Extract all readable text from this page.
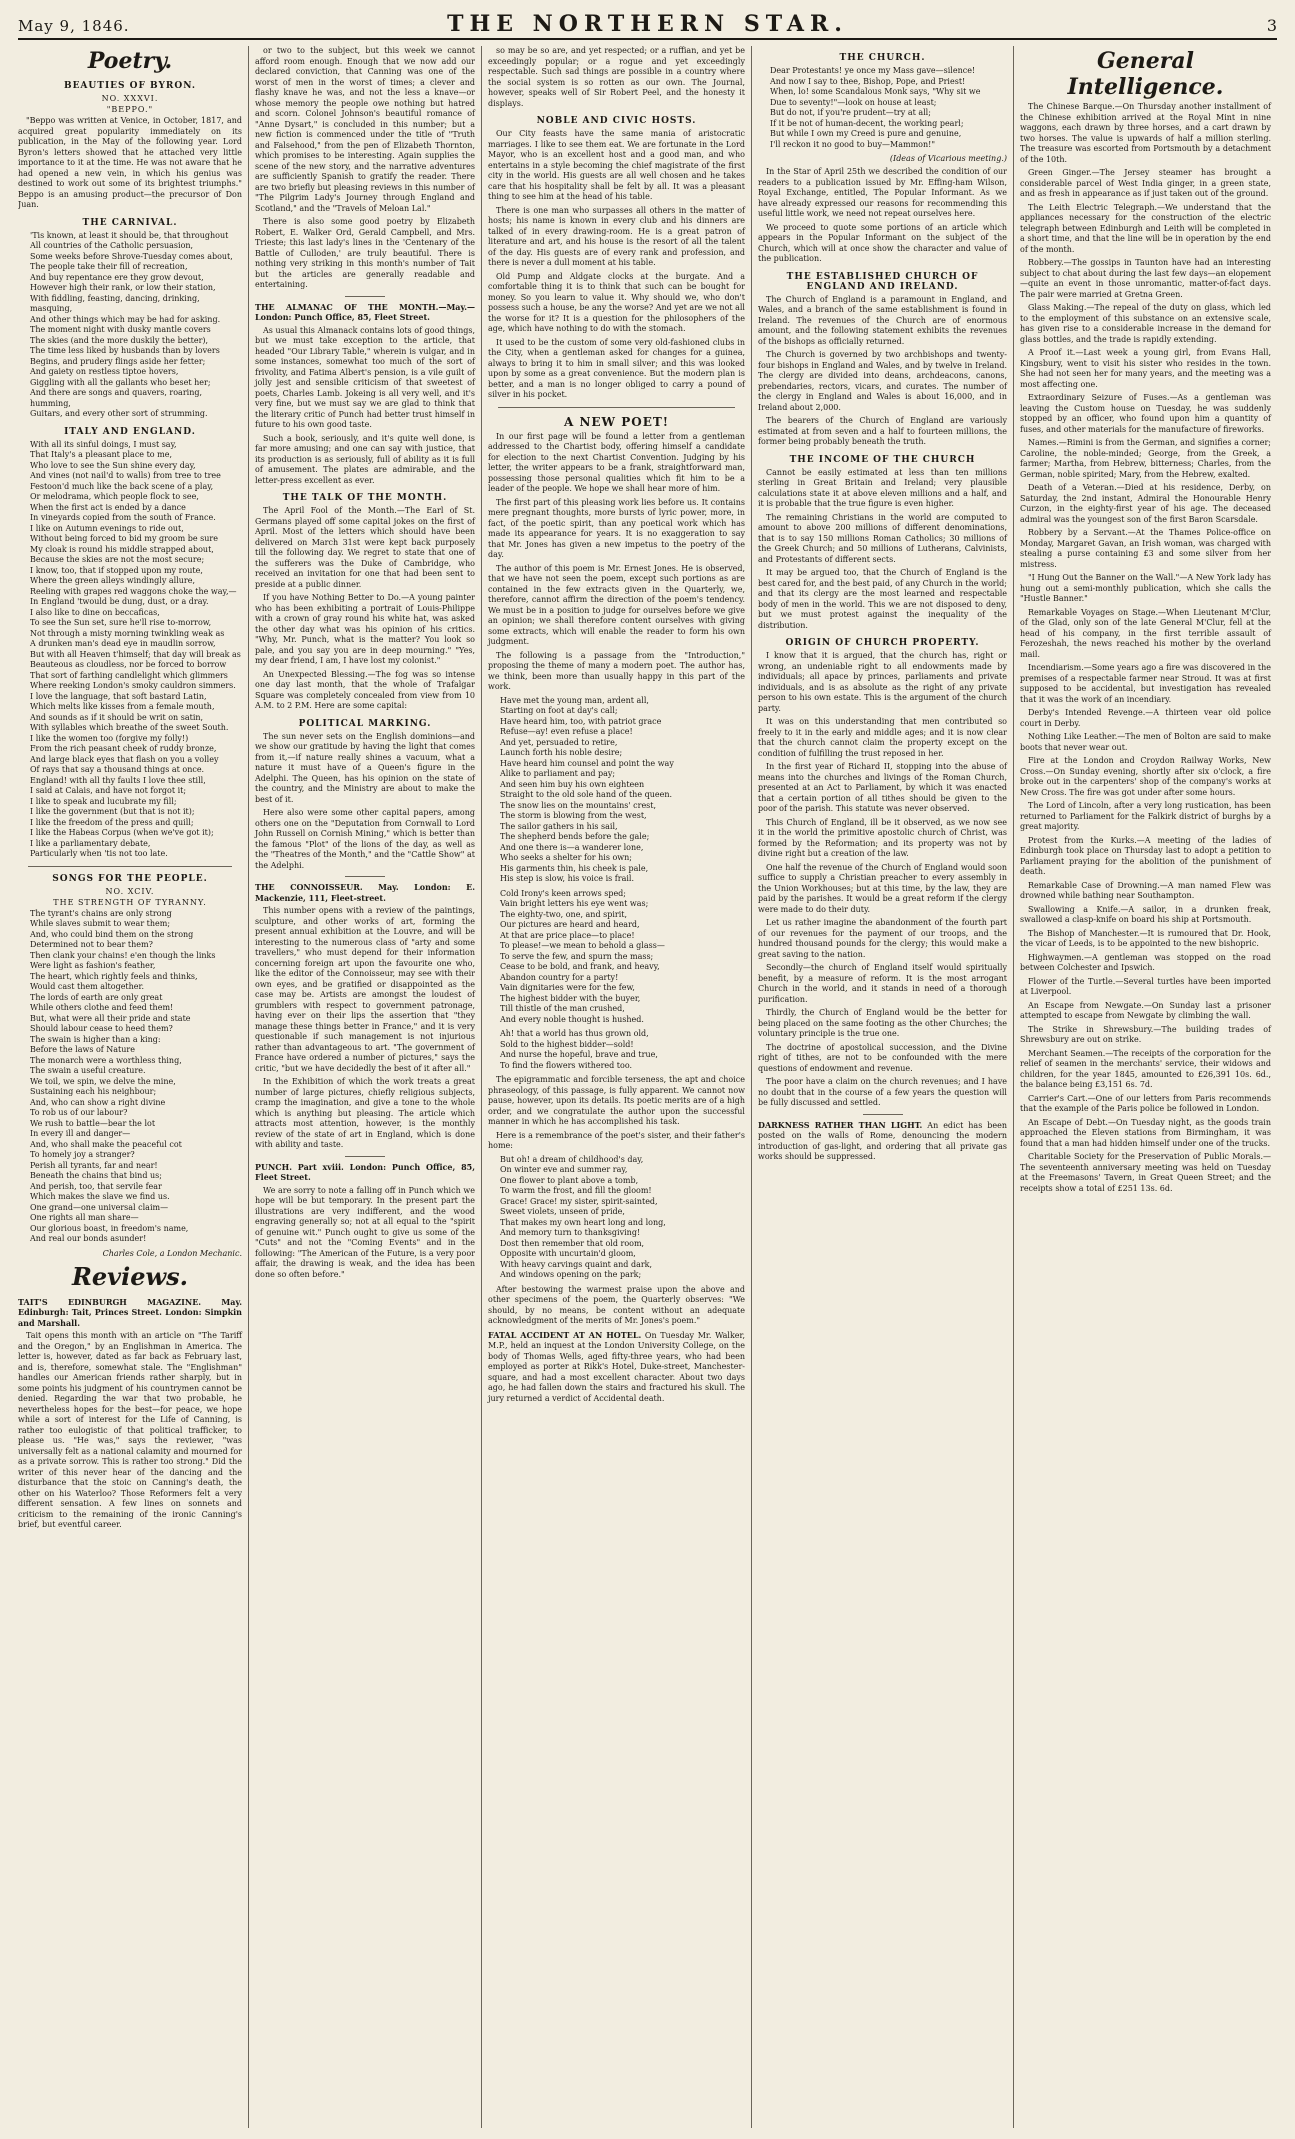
May 9, 1846.	THE NORTHERN STAR.	3
Poetry.
BEAUTIES OF BYRON.
NO. XXXVI.
"BEPPO."

"Beppo was written at Venice, in October, 1817, and acquired great popularity immediately on its publication, in the May of the following year. Lord Byron's letters showed that he attached very little importance to it at the time. He was not aware that he had opened a new vein, in which his genius was destined to work out some of its brightest triumphs." Beppo is an amusing product—the precursor of Don Juan.

THE CARNIVAL.
'Tis known, at least it should be, that throughout
All countries of the Catholic persuasion,
Some weeks before Shrove-Tuesday comes about,
The people take their fill of recreation,
And buy repentance ere they grow devout,
However high their rank, or low their station,
With fiddling, feasting, dancing, drinking, masquing,
And other things which may be had for asking.
The moment night with dusky mantle covers
The skies (and the more duskily the better),
The time less liked by husbands than by lovers
Begins, and prudery flings aside her fetter;
And gaiety on restless tiptoe hovers,
Giggling with all the gallants who beset her;
And there are songs and quavers, roaring, humming,
Guitars, and every other sort of strumming.
ITALY AND ENGLAND.
With all its sinful doings, I must say,
That Italy's a pleasant place to me,
Who love to see the Sun shine every day,
And vines (not nail'd to walls) from tree to tree
Festoon'd much like the back scene of a play,
Or melodrama, which people flock to see,
When the first act is ended by a dance
In vineyards copied from the south of France.
I like on Autumn evenings to ride out,
Without being forced to bid my groom be sure
My cloak is round his middle strapped about,
Because the skies are not the most secure;
I know, too, that if stopped upon my route,
Where the green alleys windingly allure,
Reeling with grapes red waggons choke the way,—
In England 'twould be dung, dust, or a dray.
I also like to dine on beccaficas,
To see the Sun set, sure he'll rise to-morrow,
Not through a misty morning twinkling weak as
A drunken man's dead eye in maudlin sorrow,
But with all Heaven t'himself; that day will break as
Beauteous as cloudless, nor be forced to borrow
That sort of farthing candlelight which glimmers
Where reeking London's smoky cauldron simmers.
I love the language, that soft bastard Latin,
Which melts like kisses from a female mouth,
And sounds as if it should be writ on satin,
With syllables which breathe of the sweet South.
I like the women too (forgive my folly!)
From the rich peasant cheek of ruddy bronze,
And large black eyes that flash on you a volley
Of rays that say a thousand things at once.
England! with all thy faults I love thee still,
I said at Calais, and have not forgot it;
I like to speak and lucubrate my fill;
I like the government (but that is not it);
I like the freedom of the press and quill;
I like the Habeas Corpus (when we've got it);
I like a parliamentary debate,
Particularly when 'tis not too late.
SONGS FOR THE PEOPLE.
NO. XCIV.
THE STRENGTH OF TYRANNY.
The tyrant's chains are only strong
While slaves submit to wear them;
And, who could bind them on the strong
Determined not to bear them?
Then clank your chains! e'en though the links
Were light as fashion's feather,
The heart, which rightly feels and thinks,
Would cast them altogether.
The lords of earth are only great
While others clothe and feed them!
But, what were all their pride and state
Should labour cease to heed them?
The swain is higher than a king:
Before the laws of Nature
The monarch were a worthless thing,
The swain a useful creature.
We toil, we spin, we delve the mine,
Sustaining each his neighbour;
And, who can show a right divine
To rob us of our labour?
We rush to battle—bear the lot
In every ill and danger—
And, who shall make the peaceful cot
To homely joy a stranger?
Perish all tyrants, far and near!
Beneath the chains that bind us;
And perish, too, that servile fear
Which makes the slave we find us.
One grand—one universal claim—
One rights all man share—
Our glorious boast, in freedom's name,
And real our bonds asunder!
Charles Cole, a London Mechanic.
Reviews.

TAIT'S EDINBURGH MAGAZINE. May. Edinburgh: Tait, Princes Street. London: Simpkin and Marshall.

Tait opens this month with an article on "The Tariff and the Oregon," by an Englishman in America. The letter is, however, dated as far back as February last, and is, therefore, somewhat stale. The "Englishman" handles our American friends rather sharply, but in some points his judgment of his countrymen cannot be denied. Regarding the war that two probable, he nevertheless hopes for the best—for peace, we hope while a sort of interest for the Life of Canning, is rather too eulogistic of that political trafficker, to please us. "He was," says the reviewer, "was universally felt as a national calamity and mourned for as a private sorrow. This is rather too strong." Did the writer of this never hear of the dancing and the disturbance that the stoic on Canning's death, the other on his Waterloo? Those Reformers felt a very different sensation. A few lines on sonnets and criticism to the remaining of the ironic Canning's brief, but eventful career.

or two to the subject, but this week we cannot afford room enough. Enough that we now add our declared conviction, that Canning was one of the worst of men in the worst of times; a clever and flashy knave he was, and not the less a knave—or whose memory the people owe nothing but hatred and scorn. Colonel Johnson's beautiful romance of "Anne Dysart," is concluded in this number; but a new fiction is commenced under the title of "Truth and Falsehood," from the pen of Elizabeth Thornton, which promises to be interesting. Again supplies the scene of the new story, and the narrative adventures are sufficiently Spanish to gratify the reader. There are two briefly but pleasing reviews in this number of "The Pilgrim Lady's Journey through England and Scotland," and the "Travels of Meloan Lal."

There is also some good poetry by Elizabeth Robert, E. Walker Ord, Gerald Campbell, and Mrs. Trieste; this last lady's lines in the 'Centenary of the Battle of Culloden,' are truly beautiful. There is nothing very striking in this month's number of Tait but the articles are generally readable and entertaining.

THE ALMANAC OF THE MONTH.—May.—London: Punch Office, 85, Fleet Street.

As usual this Almanack contains lots of good things, but we must take exception to the article, that headed "Our Library Table," wherein is vulgar, and in some instances, somewhat too much of the sort of frivolity, and Fatima Albert's pension, is a vile guilt of jolly jest and sensible criticism of that sweetest of poets, Charles Lamb. Jokeing is all very well, and it's very fine, but we must say we are glad to think that the literary critic of Punch had better trust himself in future to his own good taste.

Such a book, seriously, and it's quite well done, is far more amusing; and one can say with justice, that its production is as seriously, full of ability as it is full of amusement. The plates are admirable, and the letter-press excellent as ever.

THE TALK OF THE MONTH.

The April Fool of the Month.—The Earl of St. Germans played off some capital jokes on the first of April. Most of the letters which should have been delivered on March 31st were kept back purposely till the following day. We regret to state that one of the sufferers was the Duke of Cambridge, who received an invitation for one that had been sent to preside at a public dinner.

If you have Nothing Better to Do.—A young painter who has been exhibiting a portrait of Louis-Philippe with a crown of gray round his white hat, was asked the other day what was his opinion of his critics. "Why, Mr. Punch, what is the matter? You look so pale, and you say you are in deep mourning." "Yes, my dear friend, I am, I have lost my colonist."

An Unexpected Blessing.—The fog was so intense one day last month, that the whole of Trafalgar Square was completely concealed from view from 10 A.M. to 2 P.M. Here are some capital:

POLITICAL MARKING.

The sun never sets on the English dominions—and we show our gratitude by having the light that comes from it,—if nature really shines a vacuum, what a nature it must have of a Queen's figure in the Adelphi. The Queen, has his opinion on the state of the country, and the Ministry are about to make the best of it.

Here also were some other capital papers, among others one on the "Deputation from Cornwall to Lord John Russell on Cornish Mining," which is better than the famous "Plot" of the lions of the day, as well as the "Theatres of the Month," and the "Cattle Show" at the Adelphi.

THE CONNOISSEUR. May. London: E. Mackenzie, 111, Fleet-street.

This number opens with a review of the paintings, sculpture, and other works of art, forming the present annual exhibition at the Louvre, and will be interesting to the numerous class of "arty and some travellers," who must depend for their information concerning foreign art upon the favourite one who, like the editor of the Connoisseur, may see with their own eyes, and be gratified or disappointed as the case may be. Artists are amongst the loudest of grumblers with respect to government patronage, having ever on their lips the assertion that "they manage these things better in France," and it is very questionable if such management is not injurious rather than advantageous to art. "The government of France have ordered a number of pictures," says the critic, "but we have decidedly the best of it after all."

In the Exhibition of which the work treats a great number of large pictures, chiefly religious subjects, cramp the imagination, and give a tone to the whole which is anything but pleasing. The article which attracts most attention, however, is the monthly review of the state of art in England, which is done with ability and taste.

PUNCH. Part xviii. London: Punch Office, 85, Fleet Street.

We are sorry to note a falling off in Punch which we hope will be but temporary. In the present part the illustrations are very indifferent, and the wood engraving generally so; not at all equal to the "spirit of genuine wit." Punch ought to give us some of the "Cuts" and not the "Coming Events" and in the following: "The American of the Future, is a very poor affair, the drawing is weak, and the idea has been done so often before."

so may be so are, and yet respected; or a ruffian, and yet be exceedingly popular; or a rogue and yet exceedingly respectable. Such sad things are possible in a country where the social system is so rotten as our own. The Journal, however, speaks well of Sir Robert Peel, and the honesty it displays.

NOBLE AND CIVIC HOSTS.

Our City feasts have the same mania of aristocratic marriages. I like to see them eat. We are fortunate in the Lord Mayor, who is an excellent host and a good man, and who entertains in a style becoming the chief magistrate of the first city in the world. His guests are all well chosen and he takes care that his hospitality shall be felt by all. It was a pleasant thing to see him at the head of his table.

There is one man who surpasses all others in the matter of hosts; his name is known in every club and his dinners are talked of in every drawing-room. He is a great patron of literature and art, and his house is the resort of all the talent of the day. His guests are of every rank and profession, and there is never a dull moment at his table.

Old Pump and Aldgate clocks at the burgate. And a comfortable thing it is to think that such can be bought for money. So you learn to value it. Why should we, who don't possess such a house, be any the worse? And yet are we not all the worse for it? It is a question for the philosophers of the age, which have nothing to do with the stomach.

It used to be the custom of some very old-fashioned clubs in the City, when a gentleman asked for changes for a guinea, always to bring it to him in small silver; and this was looked upon by some as a great convenience. But the modern plan is better, and a man is no longer obliged to carry a pound of silver in his pocket.

A NEW POET!

In our first page will be found a letter from a gentleman addressed to the Chartist body, offering himself a candidate for election to the next Chartist Convention. Judging by his letter, the writer appears to be a frank, straightforward man, possessing those personal qualities which fit him to be a leader of the people. We hope we shall hear more of him.

The first part of this pleasing work lies before us. It contains mere pregnant thoughts, more bursts of lyric power, more, in fact, of the poetic spirit, than any poetical work which has made its appearance for years. It is no exaggeration to say that Mr. Jones has given a new impetus to the poetry of the day.

The author of this poem is Mr. Ernest Jones. He is observed, that we have not seen the poem, except such portions as are contained in the few extracts given in the Quarterly, we, therefore, cannot affirm the direction of the poem's tendency. We must be in a position to judge for ourselves before we give an opinion; we shall therefore content ourselves with giving some extracts, which will enable the reader to form his own judgment.

The following is a passage from the "Introduction," proposing the theme of many a modern poet. The author has, we think, been more than usually happy in this part of the work.

Have met the young man, ardent all,
Starting on foot at day's call;
Have heard him, too, with patriot grace
Refuse—ay! even refuse a place!
And yet, persuaded to retire,
Launch forth his noble desire;
Have heard him counsel and point the way
Alike to parliament and pay;
And seen him buy his own eighteen
Straight to the old sole hand of the queen.
The snow lies on the mountains' crest,
The storm is blowing from the west,
The sailor gathers in his sail,
The shepherd bends before the gale;
And one there is—a wanderer lone,
Who seeks a shelter for his own;
His garments thin, his cheek is pale,
His step is slow, his voice is frail.
Cold Irony's keen arrows sped;
Vain bright letters his eye went was;
The eighty-two, one, and spirit,
Our pictures are heard and heard,
At that are price place—to place!
To please!—we mean to behold a glass—
To serve the few, and spurn the mass;
Cease to be bold, and frank, and heavy,
Abandon country for a party!
Vain dignitaries were for the few,
The highest bidder with the buyer,
Till thistle of the man crushed,
And every noble thought is hushed.
Ah! that a world has thus grown old,
Sold to the highest bidder—sold!
And nurse the hopeful, brave and true,
To find the flowers withered too.

The epigrammatic and forcible terseness, the apt and choice phraseology, of this passage, is fully apparent. We cannot now pause, however, upon its details. Its poetic merits are of a high order, and we congratulate the author upon the successful manner in which he has accomplished his task.

Here is a remembrance of the poet's sister, and their father's home:

But oh! a dream of childhood's day,
On winter eve and summer ray,
One flower to plant above a tomb,
To warm the frost, and fill the gloom!
Grace! Grace! my sister, spirit-sainted,
Sweet violets, unseen of pride,
That makes my own heart long and long,
And memory turn to thanksgiving!
Dost then remember that old room,
Opposite with uncurtain'd gloom,
With heavy carvings quaint and dark,
And windows opening on the park;

After bestowing the warmest praise upon the above and other specimens of the poem, the Quarterly observes: "We should, by no means, be content without an adequate acknowledgment of the merits of Mr. Jones's poem."

FATAL ACCIDENT AT AN HOTEL. On Tuesday Mr. Walker, M.P., held an inquest at the London University College, on the body of Thomas Wells, aged fifty-three years, who had been employed as porter at Rikk's Hotel, Duke-street, Manchester-square, and had a most excellent character. About two days ago, he had fallen down the stairs and fractured his skull. The jury returned a verdict of Accidental death.

THE CHURCH.
Dear Protestants! ye once my Mass gave—silence!
And now I say to thee, Bishop, Pope, and Priest!
When, lo! some Scandalous Monk says, "Why sit we
Due to seventy!"—look on house at least;
But do not, if you're prudent—try at all;
If it be not of human-decent, the working pearl;
But while I own my Creed is pure and genuine,
I'll reckon it no good to buy—Mammon!"
(Ideas of Vicarious meeting.)

In the Star of April 25th we described the condition of our readers to a publication issued by Mr. Effing-ham Wilson, Royal Exchange, entitled, The Popular Informant. As we have already expressed our reasons for recommending this useful little work, we need not repeat ourselves here.

We proceed to quote some portions of an article which appears in the Popular Informant on the subject of the Church, which will at once show the character and value of the publication.

THE ESTABLISHED CHURCH OF ENGLAND AND IRELAND.

The Church of England is a paramount in England, and Wales, and a branch of the same establishment is found in Ireland. The revenues of the Church are of enormous amount, and the following statement exhibits the revenues of the bishops as officially returned.

The Church is governed by two archbishops and twenty-four bishops in England and Wales, and by twelve in Ireland. The clergy are divided into deans, archdeacons, canons, prebendaries, rectors, vicars, and curates. The number of the clergy in England and Wales is about 16,000, and in Ireland about 2,000.

The bearers of the Church of England are variously estimated at from seven and a half to fourteen millions, the former being probably beneath the truth.

THE INCOME OF THE CHURCH

Cannot be easily estimated at less than ten millions sterling in Great Britain and Ireland; very plausible calculations state it at above eleven millions and a half, and it is probable that the true figure is even higher.

The remaining Christians in the world are computed to amount to above 200 millions of different denominations, that is to say 150 millions Roman Catholics; 30 millions of the Greek Church; and 50 millions of Lutherans, Calvinists, and Protestants of different sects.

It may be argued too, that the Church of England is the best cared for, and the best paid, of any Church in the world; and that its clergy are the most learned and respectable body of men in the world. This we are not disposed to deny, but we must protest against the inequality of the distribution.

ORIGIN OF CHURCH PROPERTY.

I know that it is argued, that the church has, right or wrong, an undeniable right to all endowments made by individuals; all apace by princes, parliaments and private individuals, and is as absolute as the right of any private person to his own estate. This is the argument of the church party.

It was on this understanding that men contributed so freely to it in the early and middle ages; and it is now clear that the church cannot claim the property except on the condition of fulfilling the trust reposed in her.

In the first year of Richard II, stopping into the abuse of means into the churches and livings of the Roman Church, presented at an Act to Parliament, by which it was enacted that a certain portion of all tithes should be given to the poor of the parish. This statute was never observed.

This Church of England, ill be it observed, as we now see it in the world the primitive apostolic church of Christ, was formed by the Reformation; and its property was not by divine right but a creation of the law.

One half the revenue of the Church of England would soon suffice to supply a Christian preacher to every assembly in the Union Workhouses; but at this time, by the law, they are paid by the parishes. It would be a great reform if the clergy were made to do their duty.

Let us rather imagine the abandonment of the fourth part of our revenues for the payment of our troops, and the hundred thousand pounds for the clergy; this would make a great saving to the nation.

Secondly—the church of England itself would spiritually benefit, by a measure of reform. It is the most arrogant Church in the world, and it stands in need of a thorough purification.

Thirdly, the Church of England would be the better for being placed on the same footing as the other Churches; the voluntary principle is the true one.

The doctrine of apostolical succession, and the Divine right of tithes, are not to be confounded with the mere questions of endowment and revenue.

The poor have a claim on the church revenues; and I have no doubt that in the course of a few years the question will be fully discussed and settled.

DARKNESS RATHER THAN LIGHT. An edict has been posted on the walls of Rome, denouncing the modern introduction of gas-light, and ordering that all private gas works should be suppressed.

General Intelligence.

The Chinese Barque.—On Thursday another installment of the Chinese exhibition arrived at the Royal Mint in nine waggons, each drawn by three horses, and a cart drawn by two horses. The value is upwards of half a million sterling. The treasure was escorted from Portsmouth by a detachment of the 10th.

Green Ginger.—The Jersey steamer has brought a considerable parcel of West India ginger, in a green state, and as fresh in appearance as if just taken out of the ground.

The Leith Electric Telegraph.—We understand that the appliances necessary for the construction of the electric telegraph between Edinburgh and Leith will be completed in a short time, and that the line will be in operation by the end of the month.

Robbery.—The gossips in Taunton have had an interesting subject to chat about during the last few days—an elopement—quite an event in those unromantic, matter-of-fact days. The pair were married at Gretna Green.

Glass Making.—The repeal of the duty on glass, which led to the employment of this substance on an extensive scale, has given rise to a considerable increase in the demand for glass bottles, and the trade is rapidly extending.

A Proof it.—Last week a young girl, from Evans Hall, Kingsbury, went to visit his sister who resides in the town. She had not seen her for many years, and the meeting was a most affecting one.

Extraordinary Seizure of Fuses.—As a gentleman was leaving the Custom house on Tuesday, he was suddenly stopped by an officer, who found upon him a quantity of fuses, and other materials for the manufacture of fireworks.

Names.—Rimini is from the German, and signifies a corner; Caroline, the noble-minded; George, from the Greek, a farmer; Martha, from Hebrew, bitterness; Charles, from the German, noble spirited; Mary, from the Hebrew, exalted.

Death of a Veteran.—Died at his residence, Derby, on Saturday, the 2nd instant, Admiral the Honourable Henry Curzon, in the eighty-first year of his age. The deceased admiral was the youngest son of the first Baron Scarsdale.

Robbery by a Servant.—At the Thames Police-office on Monday, Margaret Gavan, an Irish woman, was charged with stealing a purse containing £3 and some silver from her mistress.

"I Hung Out the Banner on the Wall."—A New York lady has hung out a semi-monthly publication, which she calls the "Hustle Banner."

Remarkable Voyages on Stage.—When Lieutenant M'Clur, of the Glad, only son of the late General M'Clur, fell at the head of his company, in the first terrible assault of Ferozeshah, the news reached his mother by the overland mail.

Incendiarism.—Some years ago a fire was discovered in the premises of a respectable farmer near Stroud. It was at first supposed to be accidental, but investigation has revealed that it was the work of an incendiary.

Derby's Intended Revenge.—A thirteen vear old police court in Derby.

Nothing Like Leather.—The men of Bolton are said to make boots that never wear out.

Fire at the London and Croydon Railway Works, New Cross.—On Sunday evening, shortly after six o'clock, a fire broke out in the carpenters' shop of the company's works at New Cross. The fire was got under after some hours.

The Lord of Lincoln, after a very long rustication, has been returned to Parliament for the Falkirk district of burghs by a great majority.

Protest from the Kurks.—A meeting of the ladies of Edinburgh took place on Thursday last to adopt a petition to Parliament praying for the abolition of the punishment of death.

Remarkable Case of Drowning.—A man named Flew was drowned while bathing near Southampton.

Swallowing a Knife.—A sailor, in a drunken freak, swallowed a clasp-knife on board his ship at Portsmouth.

The Bishop of Manchester.—It is rumoured that Dr. Hook, the vicar of Leeds, is to be appointed to the new bishopric.

Highwaymen.—A gentleman was stopped on the road between Colchester and Ipswich.

Flower of the Turtle.—Several turtles have been imported at Liverpool.

An Escape from Newgate.—On Sunday last a prisoner attempted to escape from Newgate by climbing the wall.

The Strike in Shrewsbury.—The building trades of Shrewsbury are out on strike.

Merchant Seamen.—The receipts of the corporation for the relief of seamen in the merchants' service, their widows and children, for the year 1845, amounted to £26,391 10s. 6d., the balance being £3,151 6s. 7d.

Carrier's Cart.—One of our letters from Paris recommends that the example of the Paris police be followed in London.

An Escape of Debt.—On Tuesday night, as the goods train approached the Eleven stations from Birmingham, it was found that a man had hidden himself under one of the trucks.

Charitable Society for the Preservation of Public Morals.—The seventeenth anniversary meeting was held on Tuesday at the Freemasons' Tavern, in Great Queen Street; and the receipts show a total of £251 13s. 6d.
